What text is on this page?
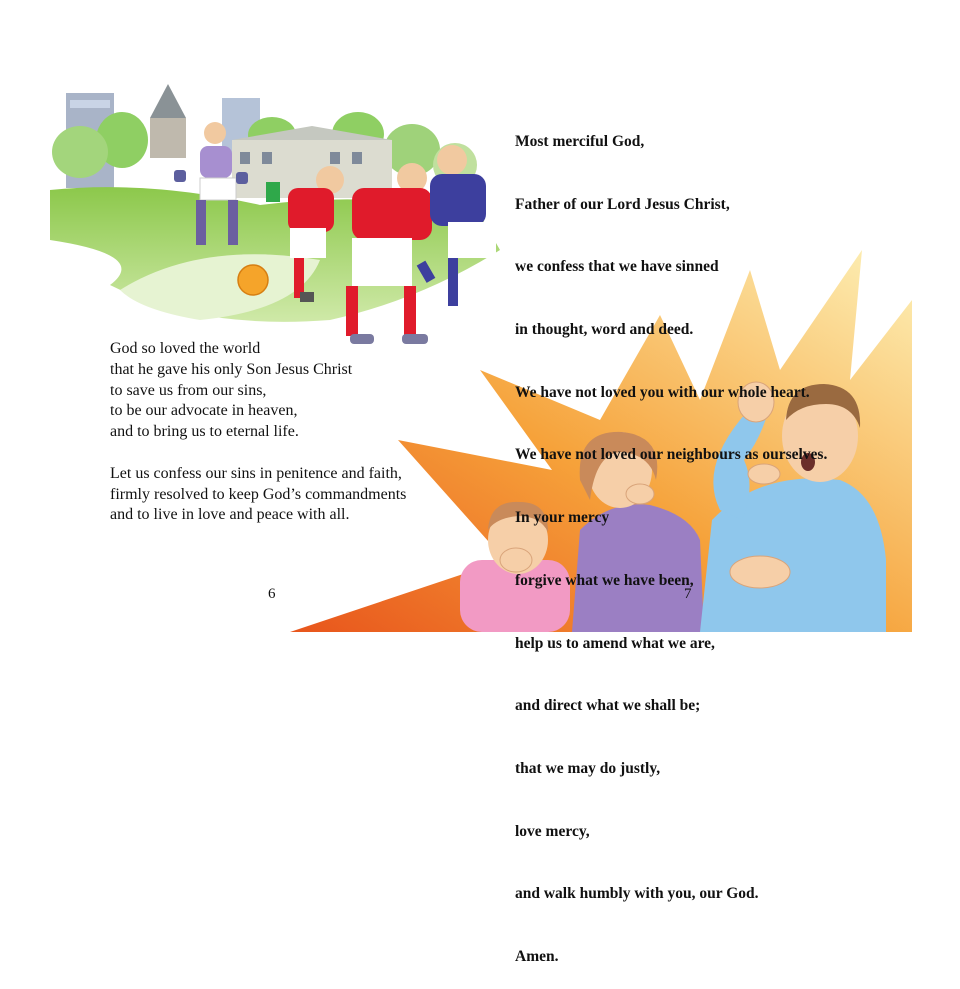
Most merciful God,

Father of our Lord Jesus Christ,

we confess that we have sinned

in thought, word and deed.

We have not loved you with our whole heart.

We have not loved our neighbours as ourselves.

In your mercy

forgive what we have been,

help us to amend what we are,

and direct what we shall be;

that we may do justly,

love mercy,

and walk humbly with you, our God.

Amen.

God so loved the world
that he gave his only Son Jesus Christ
to save us from our sins,
to be our advocate in heaven,
and to bring us to eternal life.

Let us confess our sins in penitence and faith,
firmly resolved to keep God’s commandments
and to live in love and peace with all.

6	7
